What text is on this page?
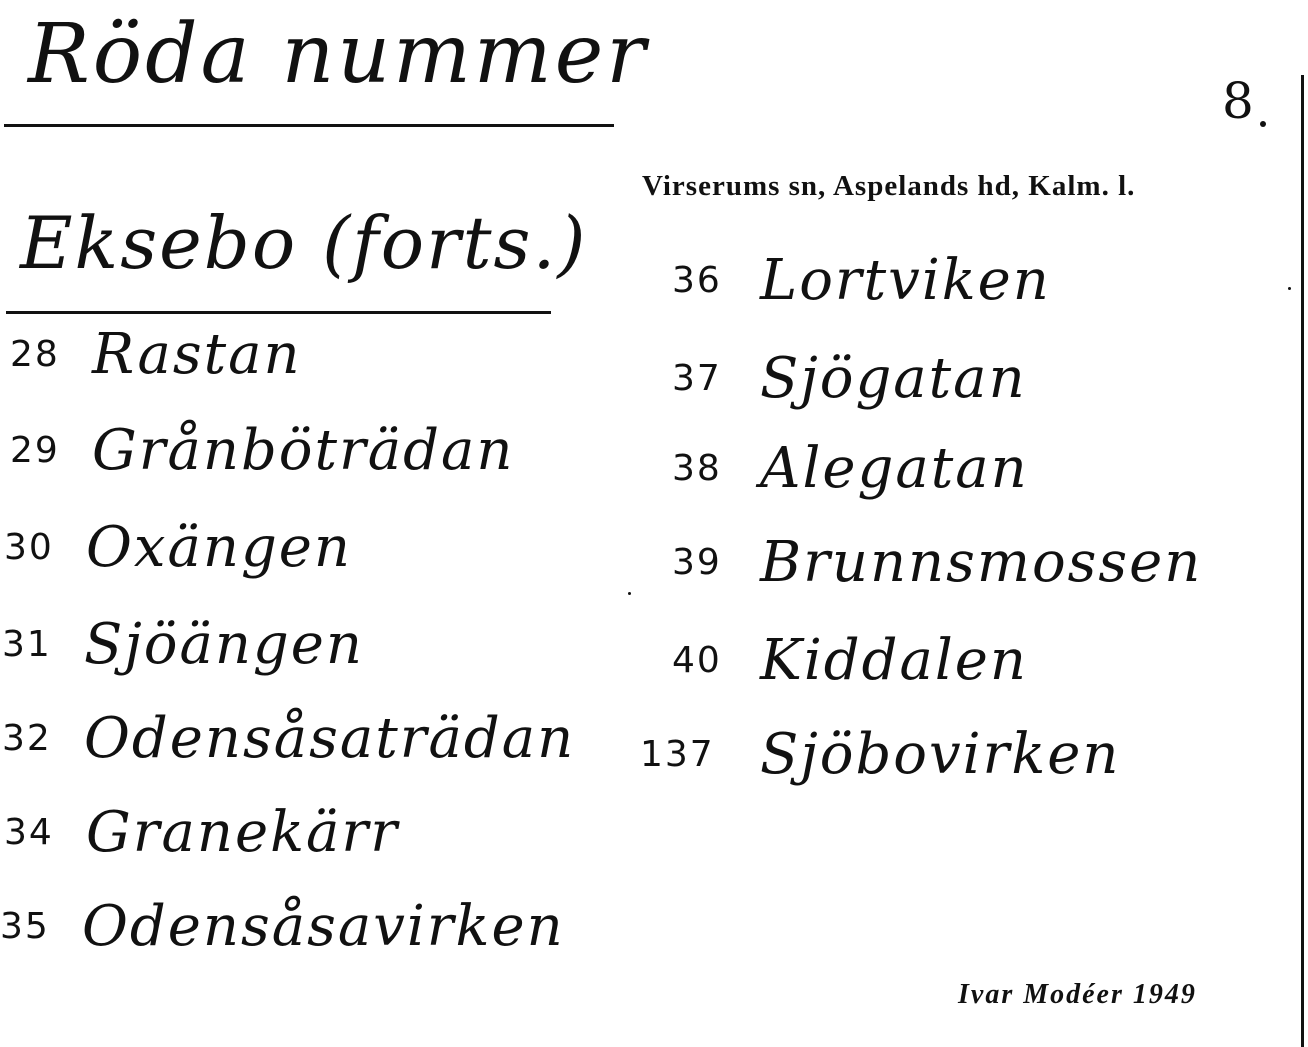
Röda nummer	8
Virserums sn, Aspelands hd, Kalm. l.
Eksebo (forts.)
28 Rastan
29 Grånböträdan
30 Oxängen
31 Sjöängen
32 Odensåsaträdan
34 Granekärr
35 Odensåsavirken
36 Lortviken
37 Sjögatan
38 Alegatan
39 Brunnsmossen
40 Kiddalen
137 Sjöbovirken
Ivar Modéer 1949
